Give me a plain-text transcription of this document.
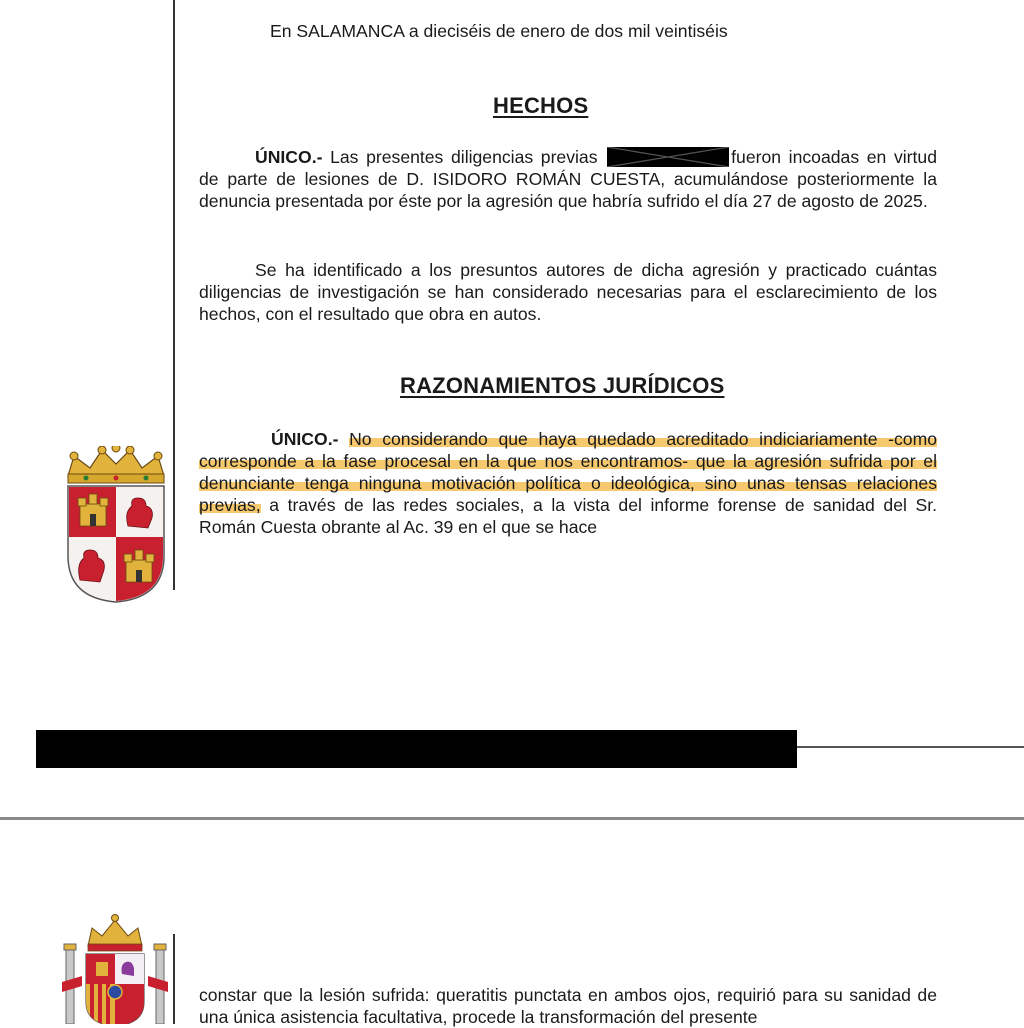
En SALAMANCA a dieciséis de enero de dos mil veintiséis
HECHOS

ÚNICO.- Las presentes diligencias previas	fueron incoadas en virtud de parte de lesiones de D. ISIDORO ROMÁN CUESTA, acumulándose posteriormente la denuncia presentada por éste por la agresión que habría sufrido el día 27 de agosto de 2025.

Se ha identificado a los presuntos autores de dicha agresión y practicado cuántas diligencias de investigación se han considerado necesarias para el esclarecimiento de los hechos, con el resultado que obra en autos.

RAZONAMIENTOS JURÍDICOS

ÚNICO.- No considerando que haya quedado acreditado indiciariamente -como corresponde a la fase procesal en la que nos encontramos- que la agresión sufrida por el denunciante tenga ninguna motivación política o ideológica, sino unas tensas relaciones previas, a través de las redes sociales, a la vista del informe forense de sanidad del Sr. Román Cuesta obrante al Ac. 39 en el que se hace

constar que la lesión sufrida: queratitis punctata en ambos ojos, requirió para su sanidad de una única asistencia facultativa, procede la transformación del presente
